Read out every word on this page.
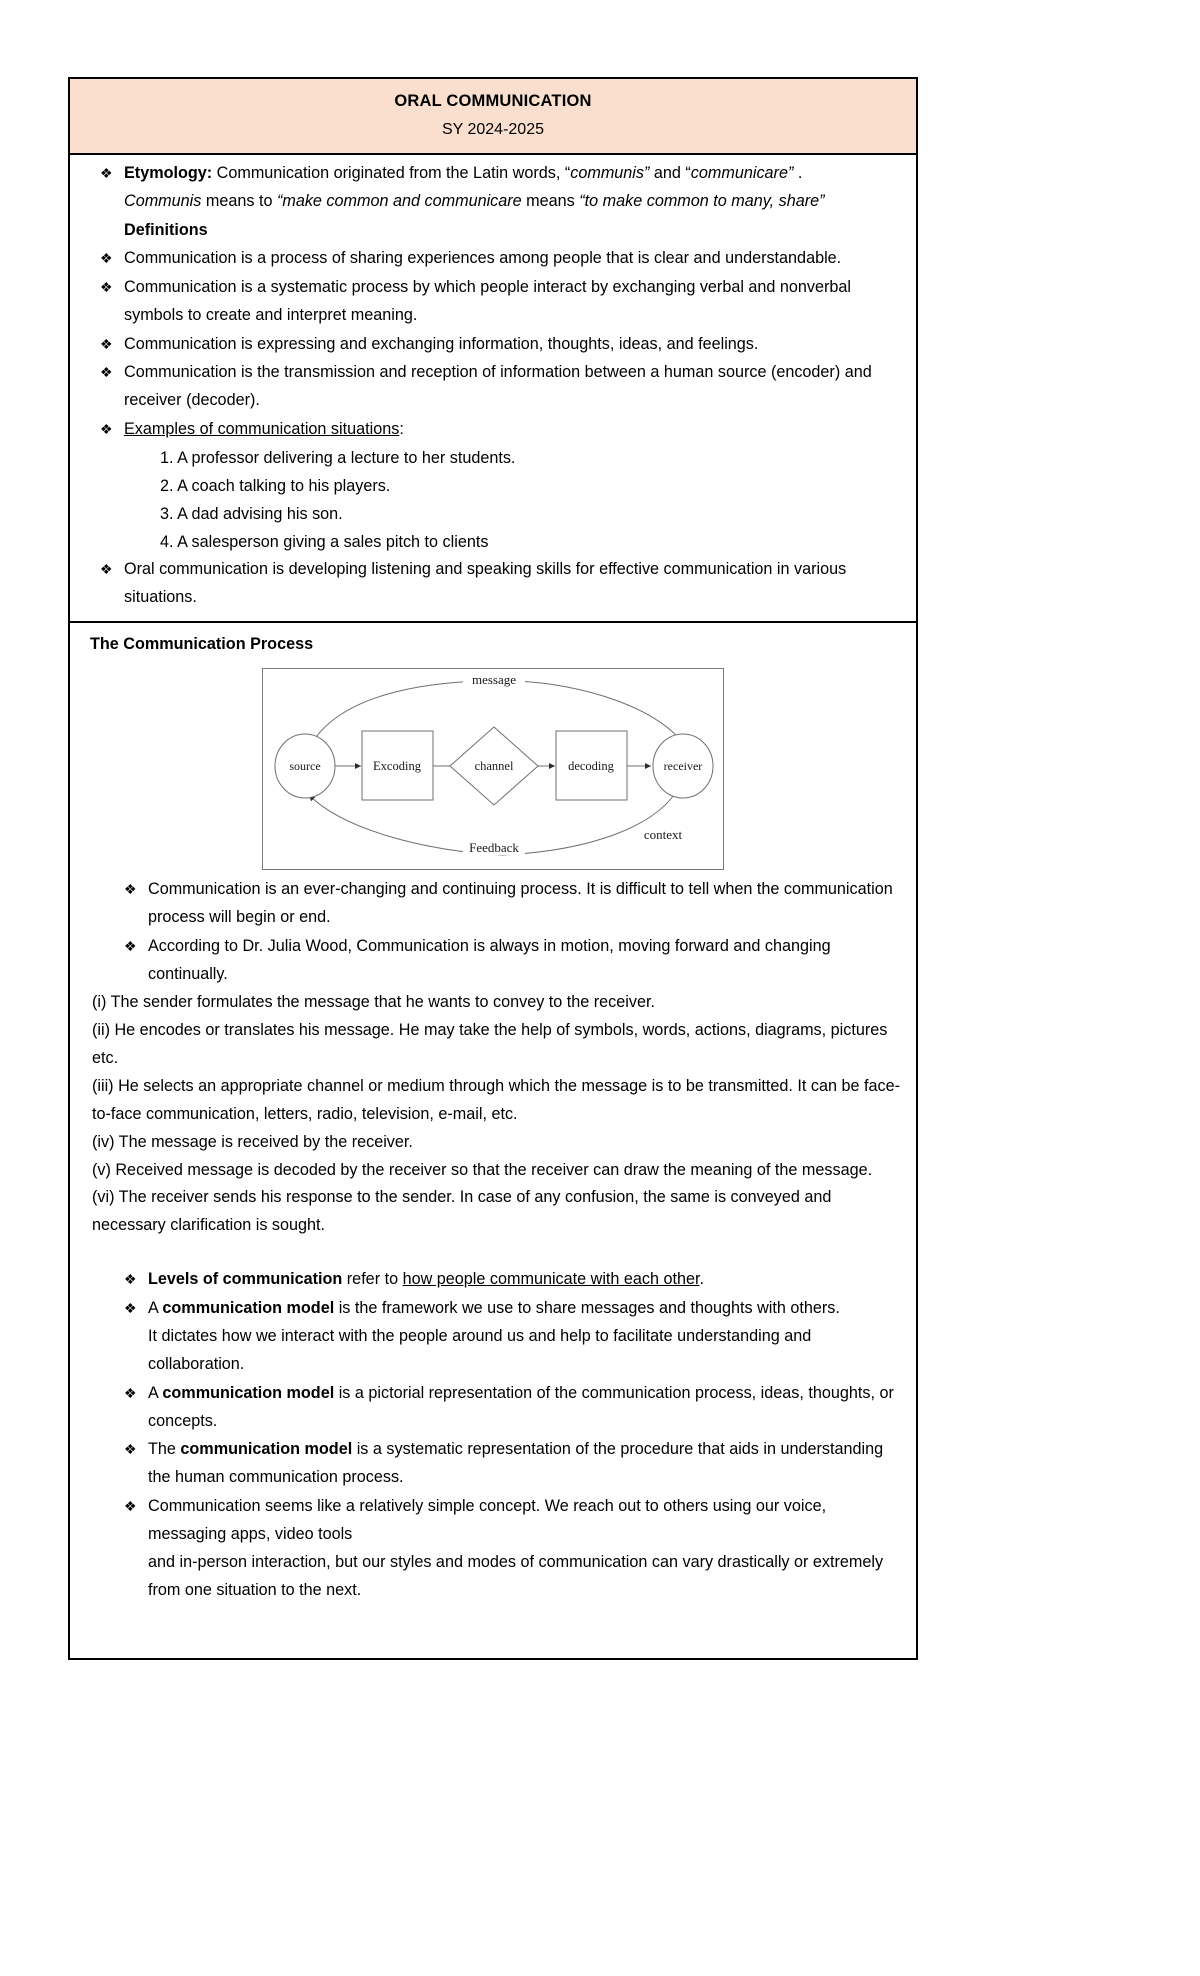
ORAL COMMUNICATION
SY 2024-2025
❖ Etymology: Communication originated from the Latin words, “communis” and “communicare” .
Communis means to “make common and communicare means “to make common to many, share”
Definitions
❖ Communication is a process of sharing experiences among people that is clear and understandable.
❖ Communication is a systematic process by which people interact by exchanging verbal and nonverbal symbols to create and interpret meaning.
❖ Communication is expressing and exchanging information, thoughts, ideas, and feelings.
❖ Communication is the transmission and reception of information between a human source (encoder) and receiver (decoder).
❖ Examples of communication situations:
1. A professor delivering a lecture to her students.
2. A coach talking to his players.
3. A dad advising his son.
4. A salesperson giving a sales pitch to clients
❖ Oral communication is developing listening and speaking skills for effective communication in various situations.
The Communication Process
message
Feedback
source	Excoding	channel	decoding	receiver
context
❖ Communication is an ever-changing and continuing process. It is difficult to tell when the communication process will begin or end.
❖ According to Dr. Julia Wood, Communication is always in motion, moving forward and changing continually.
(i) The sender formulates the message that he wants to convey to the receiver.
(ii) He encodes or translates his message. He may take the help of symbols, words, actions, diagrams, pictures etc.
(iii) He selects an appropriate channel or medium through which the message is to be transmitted. It can be face-to-face communication, letters, radio, television, e-mail, etc.
(iv) The message is received by the receiver.
(v) Received message is decoded by the receiver so that the receiver can draw the meaning of the message.
(vi) The receiver sends his response to the sender. In case of any confusion, the same is conveyed and necessary clarification is sought.
❖ Levels of communication refer to how people communicate with each other.
❖ A communication model is the framework we use to share messages and thoughts with others.
It dictates how we interact with the people around us and help to facilitate understanding and collaboration.
❖ A communication model is a pictorial representation of the communication process, ideas, thoughts, or concepts.
❖ The communication model is a systematic representation of the procedure that aids in understanding the human communication process.
❖ Communication seems like a relatively simple concept. We reach out to others using our voice, messaging apps, video tools
and in-person interaction, but our styles and modes of communication can vary drastically or extremely from one situation to the next.
